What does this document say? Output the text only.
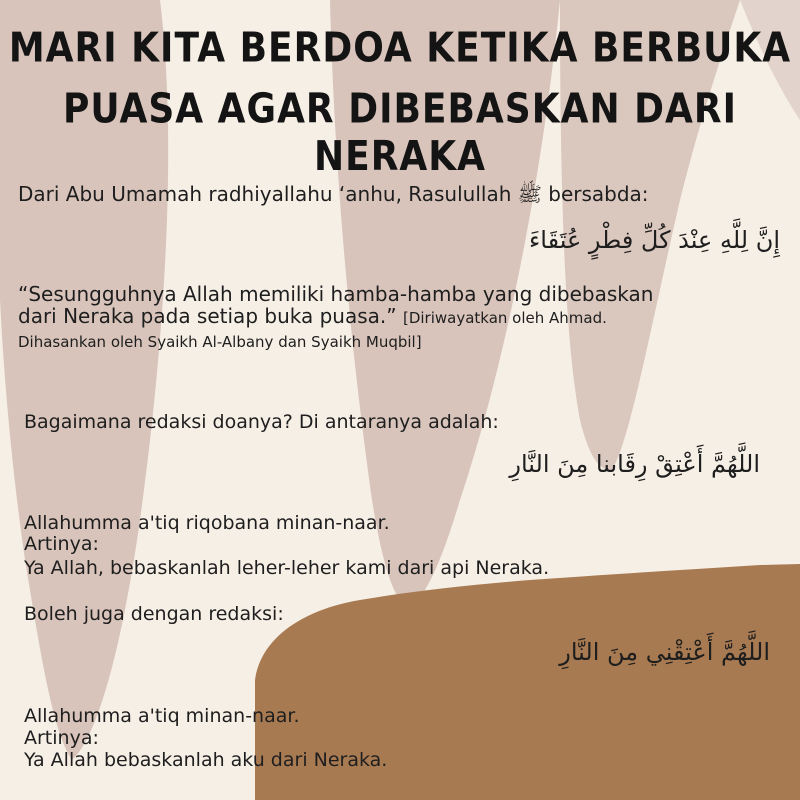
MARI KITA BERDOA KETIKA BERBUKA
PUASA AGAR DIBEBASKAN DARI NERAKA
Dari Abu Umamah radhiyallahu ‘anhu, Rasulullah ﷺ bersabda:
إِنَّ لِلَّهِ عِنْدَ كُلِّ فِطْرٍ عُتَقَاءَ
“Sesungguhnya Allah memiliki hamba-hamba yang dibebaskan
dari Neraka pada setiap buka puasa.” [Diriwayatkan oleh Ahmad.
Dihasankan oleh Syaikh Al-Albany dan Syaikh Muqbil]
Bagaimana redaksi doanya? Di antaranya adalah:
اللَّهُمَّ أَعْتِقْ رِقَابنا مِنَ النَّارِ
Allahumma a'tiq riqobana minan-naar.
Artinya:
Ya Allah, bebaskanlah leher-leher kami dari api Neraka.
Boleh juga dengan redaksi:
اللَّهُمَّ أَعْتِقْنِي مِنَ النَّارِ
Allahumma a'tiq minan-naar.
Artinya:
Ya Allah bebaskanlah aku dari Neraka.
